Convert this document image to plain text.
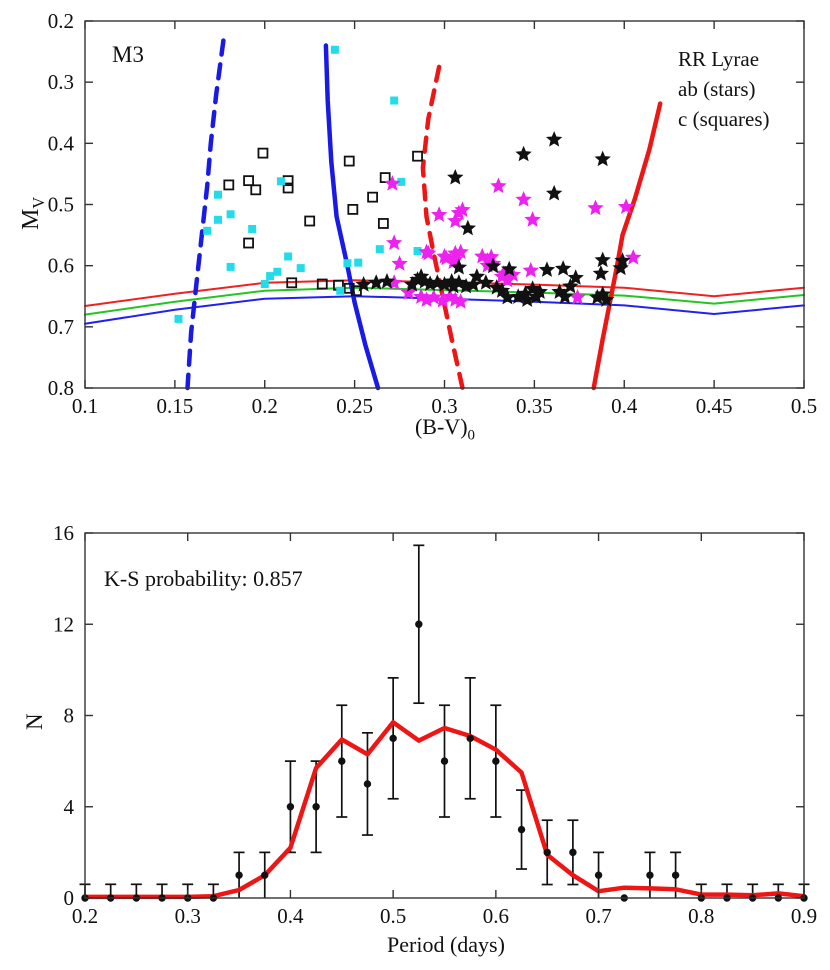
0.1	0.15	0.2	0.25	0.3	0.35	0.4	0.45	0.5
0.2
0.3
0.4
0.5
0.6
0.7
0.8
0.2	0.3	0.4	0.5	0.6	0.7	0.8	0.9
0
4
8
12
16
M3	RR Lyrae
ab (stars)
c (squares)
$M_V$
$(B-V)_0$
K-S probability: 0.857
N
Period (days)
